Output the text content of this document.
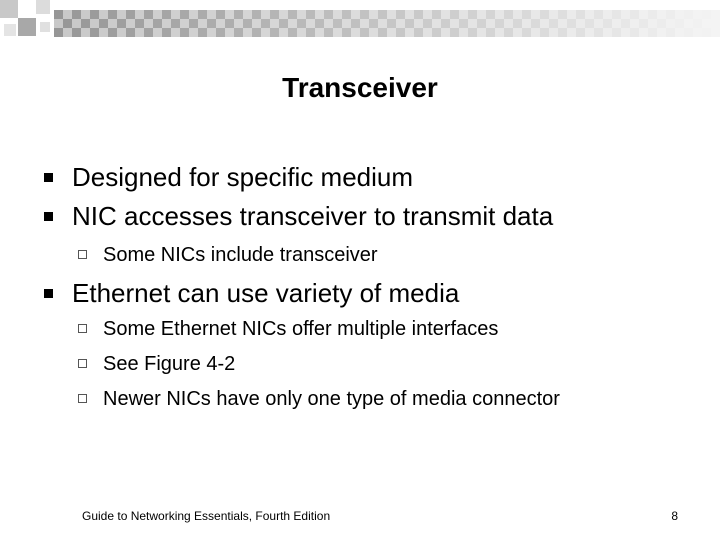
Transceiver
Designed for specific medium
NIC accesses transceiver to transmit data
Some NICs include transceiver
Ethernet can use variety of media
Some Ethernet NICs offer multiple interfaces
See Figure 4-2
Newer NICs have only one type of media connector
Guide to Networking Essentials, Fourth Edition	8
